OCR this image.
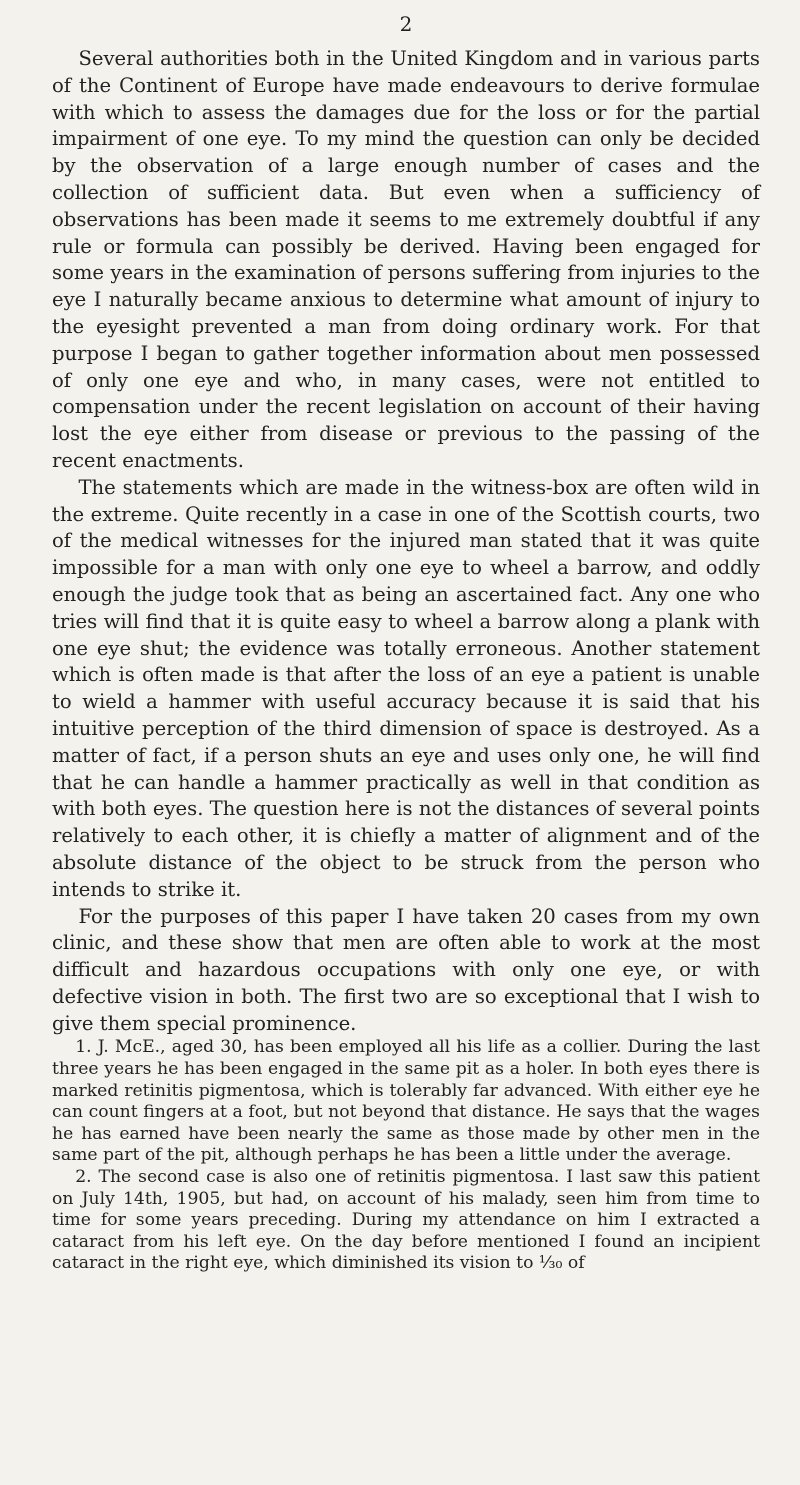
2

Several authorities both in the United Kingdom and in various parts of the Continent of Europe have made endeavours to derive formulae with which to assess the damages due for the loss or for the partial impairment of one eye. To my mind the question can only be decided by the observation of a large enough number of cases and the collection of sufficient data. But even when a sufficiency of observations has been made it seems to me extremely doubtful if any rule or formula can possibly be derived. Having been engaged for some years in the examination of persons suffering from injuries to the eye I naturally became anxious to determine what amount of injury to the eyesight prevented a man from doing ordinary work. For that purpose I began to gather together information about men possessed of only one eye and who, in many cases, were not entitled to compensation under the recent legislation on account of their having lost the eye either from disease or previous to the passing of the recent enactments.

The statements which are made in the witness-box are often wild in the extreme. Quite recently in a case in one of the Scottish courts, two of the medical witnesses for the injured man stated that it was quite impossible for a man with only one eye to wheel a barrow, and oddly enough the judge took that as being an ascertained fact. Any one who tries will find that it is quite easy to wheel a barrow along a plank with one eye shut; the evidence was totally erroneous. Another statement which is often made is that after the loss of an eye a patient is unable to wield a hammer with useful accuracy because it is said that his intuitive perception of the third dimension of space is destroyed. As a matter of fact, if a person shuts an eye and uses only one, he will find that he can handle a hammer practically as well in that condition as with both eyes. The question here is not the distances of several points relatively to each other, it is chiefly a matter of alignment and of the absolute distance of the object to be struck from the person who intends to strike it.

For the purposes of this paper I have taken 20 cases from my own clinic, and these show that men are often able to work at the most difficult and hazardous occupations with only one eye, or with defective vision in both. The first two are so exceptional that I wish to give them special prominence.

1. J. McE., aged 30, has been employed all his life as a collier. During the last three years he has been engaged in the same pit as a holer. In both eyes there is marked retinitis pigmentosa, which is tolerably far advanced. With either eye he can count fingers at a foot, but not beyond that distance. He says that the wages he has earned have been nearly the same as those made by other men in the same part of the pit, although perhaps he has been a little under the average.

2. The second case is also one of retinitis pigmentosa. I last saw this patient on July 14th, 1905, but had, on account of his malady, seen him from time to time for some years preceding. During my attendance on him I extracted a cataract from his left eye. On the day before mentioned I found an incipient cataract in the right eye, which diminished its vision to ¹⁄₃₀ of
